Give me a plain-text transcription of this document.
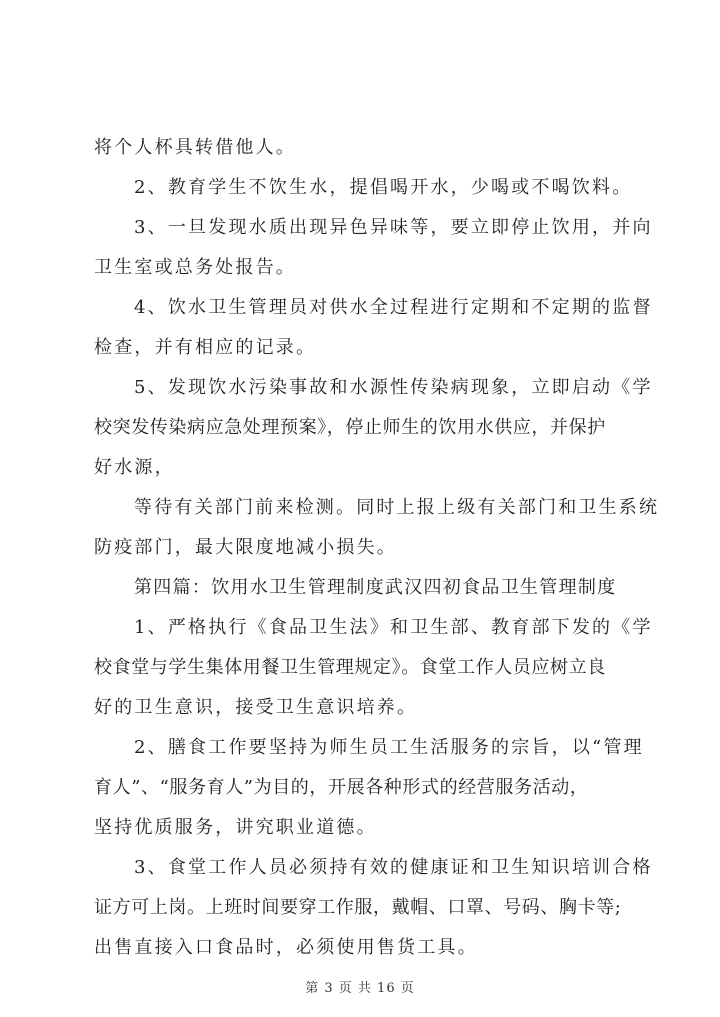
将个人杯具转借他人。
2、教育学生不饮生水，提倡喝开水，少喝或不喝饮料。
3、一旦发现水质出现异色异味等，要立即停止饮用，并向
卫生室或总务处报告。
4、饮水卫生管理员对供水全过程进行定期和不定期的监督
检查，并有相应的记录。
5、发现饮水污染事故和水源性传染病现象，立即启动《学
校突发传染病应急处理预案》，停止师生的饮用水供应，并保护
好水源，
等待有关部门前来检测。同时上报上级有关部门和卫生系统
防疫部门，最大限度地减小损失。
第四篇：饮用水卫生管理制度武汉四初食品卫生管理制度
1、严格执行《食品卫生法》和卫生部、教育部下发的《学
校食堂与学生集体用餐卫生管理规定》。食堂工作人员应树立良
好的卫生意识，接受卫生意识培养。
2、膳食工作要坚持为师生员工生活服务的宗旨，以“管理
育人”、“服务育人”为目的，开展各种形式的经营服务活动，
坚持优质服务，讲究职业道德。
3、食堂工作人员必须持有效的健康证和卫生知识培训合格
证方可上岗。上班时间要穿工作服，戴帽、口罩、号码、胸卡等;
出售直接入口食品时，必须使用售货工具。
第 3 页 共 16 页
